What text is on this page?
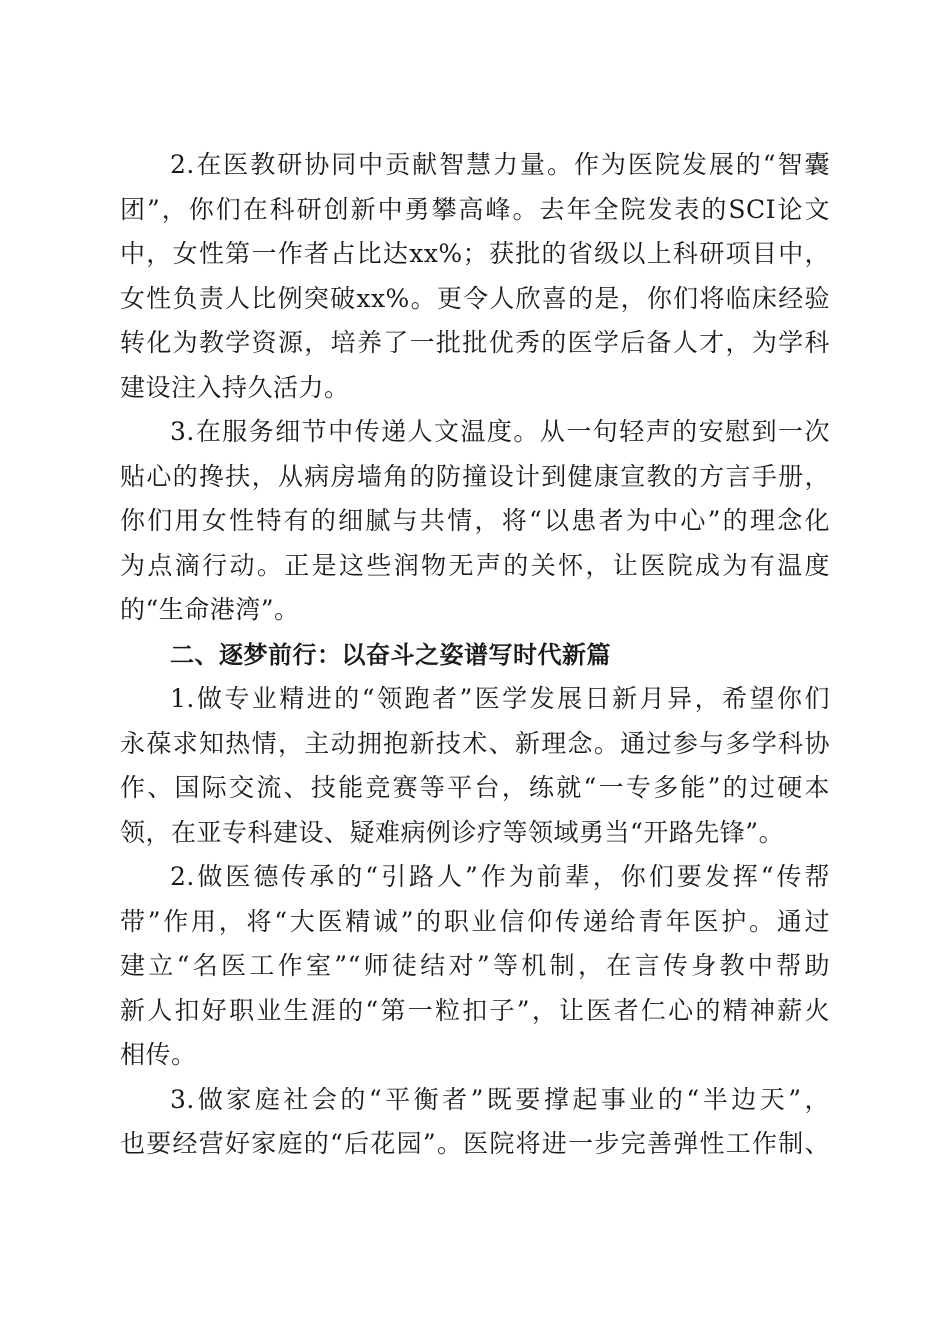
2.在医教研协同中贡献智慧力量。作为医院发展的“智囊
团”，你们在科研创新中勇攀高峰。去年全院发表的SCI论文
中，女性第一作者占比达xx%；获批的省级以上科研项目中，
女性负责人比例突破xx%。更令人欣喜的是，你们将临床经验
转化为教学资源，培养了一批批优秀的医学后备人才，为学科
建设注入持久活力。
3.在服务细节中传递人文温度。从一句轻声的安慰到一次
贴心的搀扶，从病房墙角的防撞设计到健康宣教的方言手册，
你们用女性特有的细腻与共情，将“以患者为中心”的理念化
为点滴行动。正是这些润物无声的关怀，让医院成为有温度
的“生命港湾”。
二、逐梦前行：以奋斗之姿谱写时代新篇
1.做专业精进的“领跑者”医学发展日新月异，希望你们
永葆求知热情，主动拥抱新技术、新理念。通过参与多学科协
作、国际交流、技能竞赛等平台，练就“一专多能”的过硬本
领，在亚专科建设、疑难病例诊疗等领域勇当“开路先锋”。
2.做医德传承的“引路人”作为前辈，你们要发挥“传帮
带”作用，将“大医精诚”的职业信仰传递给青年医护。通过
建立“名医工作室”“师徒结对”等机制，在言传身教中帮助
新人扣好职业生涯的“第一粒扣子”，让医者仁心的精神薪火
相传。
3.做家庭社会的“平衡者”既要撑起事业的“半边天”，
也要经营好家庭的“后花园”。医院将进一步完善弹性工作制、
